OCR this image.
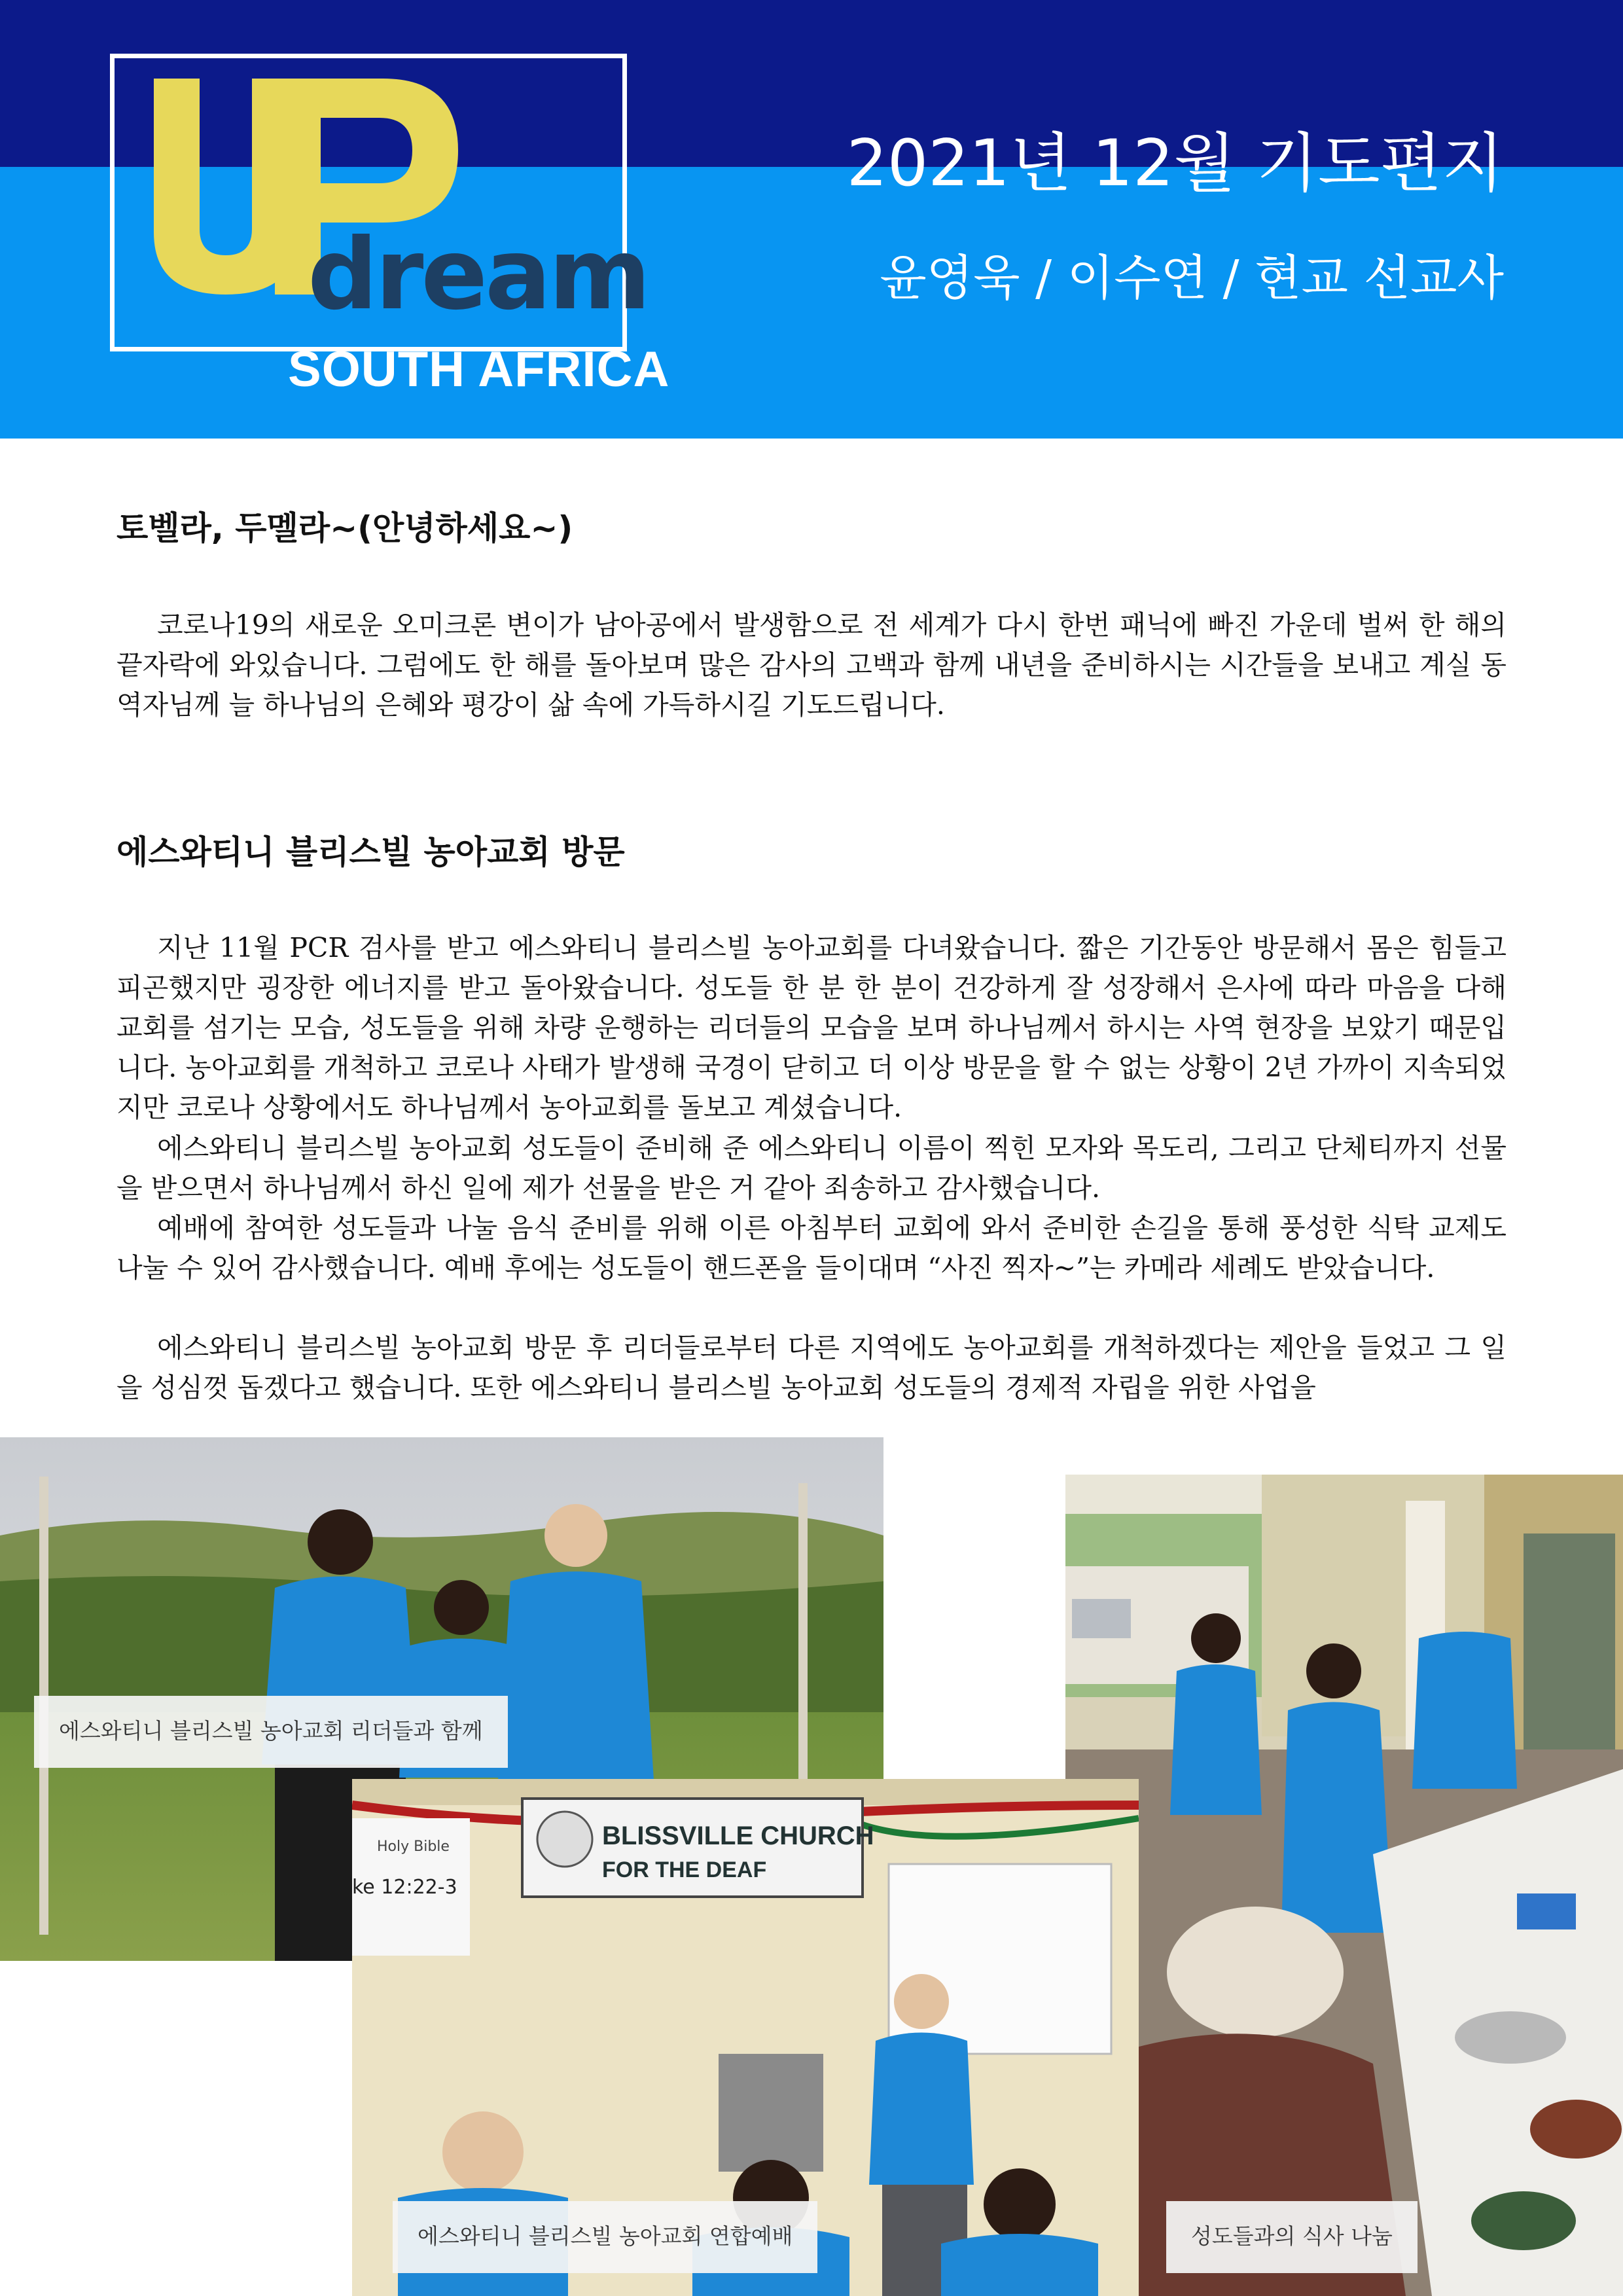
dream
SOUTH AFRICA
2021년 12월 기도편지
윤영욱 / 이수연 / 현교 선교사
토벨라, 두멜라~(안녕하세요~)

코로나19의 새로운 오미크론 변이가 남아공에서 발생함으로 전 세계가 다시 한번 패닉에 빠진 가운데 벌써 한 해의 끝자락에 와있습니다. 그럼에도 한 해를 돌아보며 많은 감사의 고백과 함께 내년을 준비하시는 시간들을 보내고 계실 동역자님께 늘 하나님의 은혜와 평강이 삶 속에 가득하시길 기도드립니다.

에스와티니 블리스빌 농아교회 방문

지난 11월 PCR 검사를 받고 에스와티니 블리스빌 농아교회를 다녀왔습니다. 짧은 기간동안 방문해서 몸은 힘들고 피곤했지만 굉장한 에너지를 받고 돌아왔습니다. 성도들 한 분 한 분이 건강하게 잘 성장해서 은사에 따라 마음을 다해 교회를 섬기는 모습, 성도들을 위해 차량 운행하는 리더들의 모습을 보며 하나님께서 하시는 사역 현장을 보았기 때문입니다. 농아교회를 개척하고 코로나 사태가 발생해 국경이 닫히고 더 이상 방문을 할 수 없는 상황이 2년 가까이 지속되었지만 코로나 상황에서도 하나님께서 농아교회를 돌보고 계셨습니다.

에스와티니 블리스빌 농아교회 성도들이 준비해 준 에스와티니 이름이 찍힌 모자와 목도리, 그리고 단체티까지 선물을 받으면서 하나님께서 하신 일에 제가 선물을 받은 거 같아 죄송하고 감사했습니다.

예배에 참여한 성도들과 나눌 음식 준비를 위해 이른 아침부터 교회에 와서 준비한 손길을 통해 풍성한 식탁 교제도 나눌 수 있어 감사했습니다. 예배 후에는 성도들이 핸드폰을 들이대며 “사진 찍자~”는 카메라 세례도 받았습니다.

에스와티니 블리스빌 농아교회 방문 후 리더들로부터 다른 지역에도 농아교회를 개척하겠다는 제안을 들었고 그 일을 성심껏 돕겠다고 했습니다. 또한 에스와티니 블리스빌 농아교회 성도들의 경제적 자립을 위한 사업을

Holy Bible
ke 12:22-3
BLISSVILLE CHURCH
FOR THE DEAF
에스와티니 블리스빌 농아교회 리더들과 함께
에스와티니 블리스빌 농아교회 연합예배	성도들과의 식사 나눔
